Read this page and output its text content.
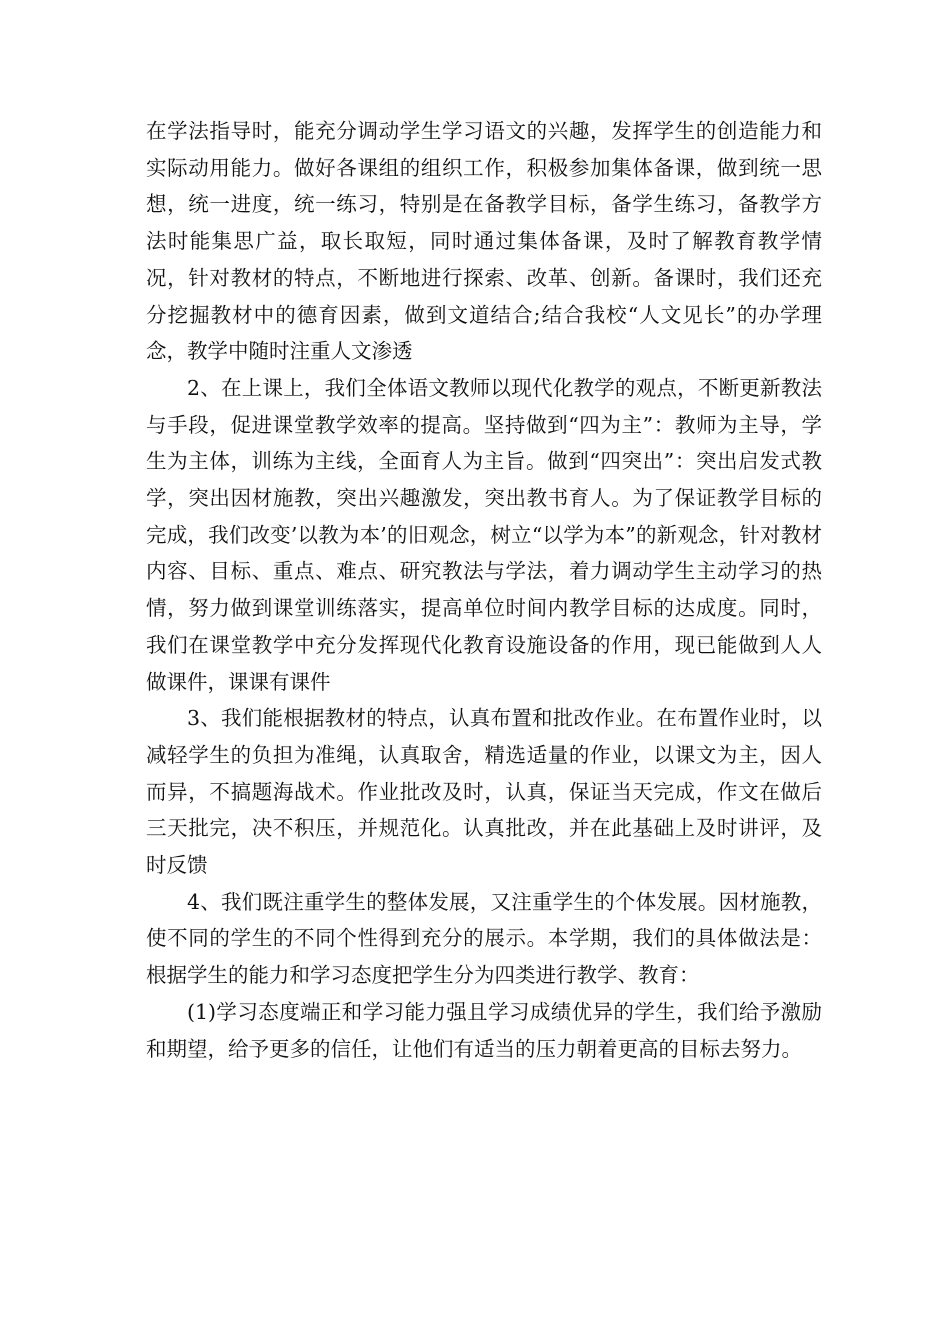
在学法指导时，能充分调动学生学习语文的兴趣，发挥学生的创造能力和实际动用能力。做好各课组的组织工作，积极参加集体备课，做到统一思想，统一进度，统一练习，特别是在备教学目标，备学生练习，备教学方法时能集思广益，取长取短，同时通过集体备课，及时了解教育教学情况，针对教材的特点，不断地进行探索、改革、创新。备课时，我们还充分挖掘教材中的德育因素，做到文道结合;结合我校“人文见长”的办学理念，教学中随时注重人文渗透

2、在上课上，我们全体语文教师以现代化教学的观点，不断更新教法与手段，促进课堂教学效率的提高。坚持做到“四为主”：教师为主导，学生为主体，训练为主线，全面育人为主旨。做到“四突出”：突出启发式教学，突出因材施教，突出兴趣激发，突出教书育人。为了保证教学目标的完成，我们改变’以教为本’的旧观念，树立“以学为本”的新观念，针对教材内容、目标、重点、难点、研究教法与学法，着力调动学生主动学习的热情，努力做到课堂训练落实，提高单位时间内教学目标的达成度。同时，我们在课堂教学中充分发挥现代化教育设施设备的作用，现已能做到人人做课件，课课有课件

3、我们能根据教材的特点，认真布置和批改作业。在布置作业时，以减轻学生的负担为准绳，认真取舍，精选适量的作业，以课文为主，因人而异，不搞题海战术。作业批改及时，认真，保证当天完成，作文在做后三天批完，决不积压，并规范化。认真批改，并在此基础上及时讲评，及时反馈

4、我们既注重学生的整体发展，又注重学生的个体发展。因材施教，使不同的学生的不同个性得到充分的展示。本学期，我们的具体做法是：根据学生的能力和学习态度把学生分为四类进行教学、教育：

(1)学习态度端正和学习能力强且学习成绩优异的学生，我们给予激励和期望，给予更多的信任，让他们有适当的压力朝着更高的目标去努力。
